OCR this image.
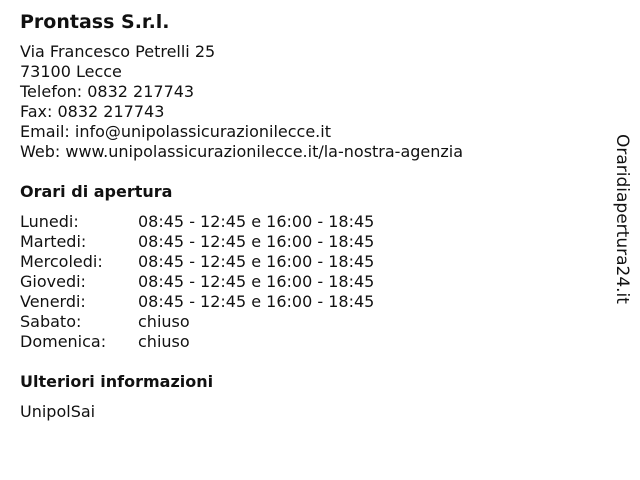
Prontass S.r.l.
Via Francesco Petrelli 25
73100 Lecce
Telefon: 0832 217743
Fax: 0832 217743
Email: info@unipolassicurazionilecce.it
Web: www.unipolassicurazionilecce.it/la-nostra-agenzia
Orari di apertura
Lunedi:	08:45 - 12:45 e 16:00 - 18:45
Martedi:	08:45 - 12:45 e 16:00 - 18:45
Mercoledi:	08:45 - 12:45 e 16:00 - 18:45
Giovedi:	08:45 - 12:45 e 16:00 - 18:45
Venerdi:	08:45 - 12:45 e 16:00 - 18:45
Sabato:	chiuso
Domenica:	chiuso
Ulteriori informazioni
UnipolSai
Oraridiapertura24.it
